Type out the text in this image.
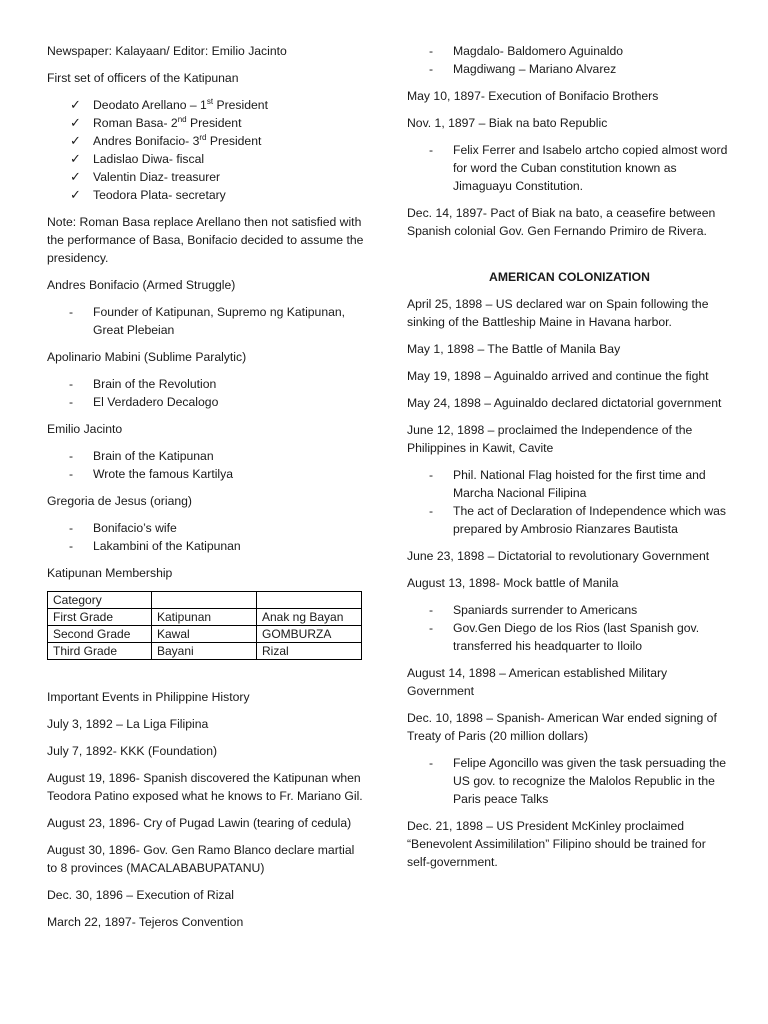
Newspaper: Kalayaan/ Editor: Emilio Jacinto

First set of officers of the Katipunan

✓ Deodato Arellano – 1st President
✓ Roman Basa- 2nd President
✓ Andres Bonifacio- 3rd President
✓ Ladislao Diwa- fiscal
✓ Valentin Diaz- treasurer
✓ Teodora Plata- secretary

Note: Roman Basa replace Arellano then not satisfied with the performance of Basa, Bonifacio decided to assume the presidency.

Andres Bonifacio (Armed Struggle)

- Founder of Katipunan, Supremo ng Katipunan, Great Plebeian

Apolinario Mabini (Sublime Paralytic)

- Brain of the Revolution
- El Verdadero Decalogo

Emilio Jacinto

- Brain of the Katipunan
- Wrote the famous Kartilya

Gregoria de Jesus (oriang)

- Bonifacio’s wife
- Lakambini of the Katipunan

Katipunan Membership

Category		
First Grade	Katipunan	Anak ng Bayan
Second Grade	Kawal	GOMBURZA
Third Grade	Bayani	Rizal

Important Events in Philippine History

July 3, 1892 – La Liga Filipina

July 7, 1892- KKK (Foundation)

August 19, 1896- Spanish discovered the Katipunan when Teodora Patino exposed what he knows to Fr. Mariano Gil.

August 23, 1896- Cry of Pugad Lawin (tearing of cedula)

August 30, 1896- Gov. Gen Ramo Blanco declare martial to 8 provinces (MACALABABUPATANU)

Dec. 30, 1896 – Execution of Rizal

March 22, 1897- Tejeros Convention

- Magdalo- Baldomero Aguinaldo
- Magdiwang – Mariano Alvarez

May 10, 1897- Execution of Bonifacio Brothers

Nov. 1, 1897 – Biak na bato Republic

- Felix Ferrer and Isabelo artcho copied almost word for word the Cuban constitution known as Jimaguayu Constitution.

Dec. 14, 1897- Pact of Biak na bato, a ceasefire between Spanish colonial Gov. Gen Fernando Primiro de Rivera.

AMERICAN COLONIZATION

April 25, 1898 – US declared war on Spain following the sinking of the Battleship Maine in Havana harbor.

May 1, 1898 – The Battle of Manila Bay

May 19, 1898 – Aguinaldo arrived and continue the fight

May 24, 1898 – Aguinaldo declared dictatorial government

June 12, 1898 – proclaimed the Independence of the Philippines in Kawit, Cavite

- Phil. National Flag hoisted for the first time and Marcha Nacional Filipina
- The act of Declaration of Independence which was prepared by Ambrosio Rianzares Bautista

June 23, 1898 – Dictatorial to revolutionary Government

August 13, 1898- Mock battle of Manila

- Spaniards surrender to Americans
- Gov.Gen Diego de los Rios (last Spanish gov. transferred his headquarter to Iloilo

August 14, 1898 – American established Military Government

Dec. 10, 1898 – Spanish- American War ended signing of Treaty of Paris (20 million dollars)

- Felipe Agoncillo was given the task persuading the US gov. to recognize the Malolos Republic in the Paris peace Talks

Dec. 21, 1898 – US President McKinley proclaimed “Benevolent Assimililation” Filipino should be trained for self-government.
